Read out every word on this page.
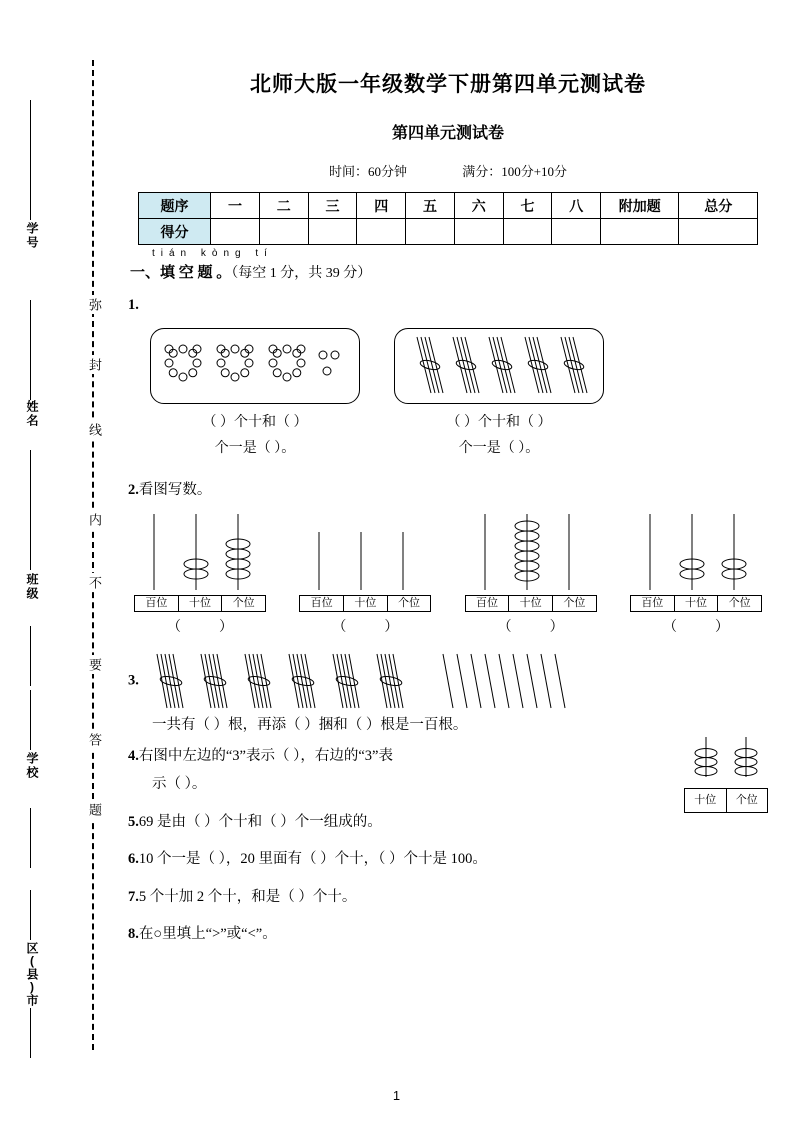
学号
姓名
班级
学校
区(县)市
弥
封
线
内
不
要
答
题
北师大版一年级数学下册第四单元测试卷
第四单元测试卷
时间：60分钟	满分：100分+10分
题序	一	二	三	四	五	六	七	八	附加题	总分
得分										
tián kòng tí
一、填 空 题 。（每空 1 分，共 39 分）
1.
（ ）个十和（ ）	（ ）个十和（ ）
个一是（ ）。	个一是（ ）。
2.看图写数。
百位	十位	个位
（	）
百位	十位	个位
（	）
百位	十位	个位
（	）
百位	十位	个位
（	）
3.
一共有（ ）根，再添（ ）捆和（ ）根是一百根。
十位	个位
4.右图中左边的“3”表示（ ），右边的“3”表
示（ ）。
5.69 是由（ ）个十和（ ）个一组成的。
6.10 个一是（ ），20 里面有（ ）个十，（ ）个十是 100。
7.5 个十加 2 个十，和是（ ）个十。
8.在○里填上“>”或“<”。
1
